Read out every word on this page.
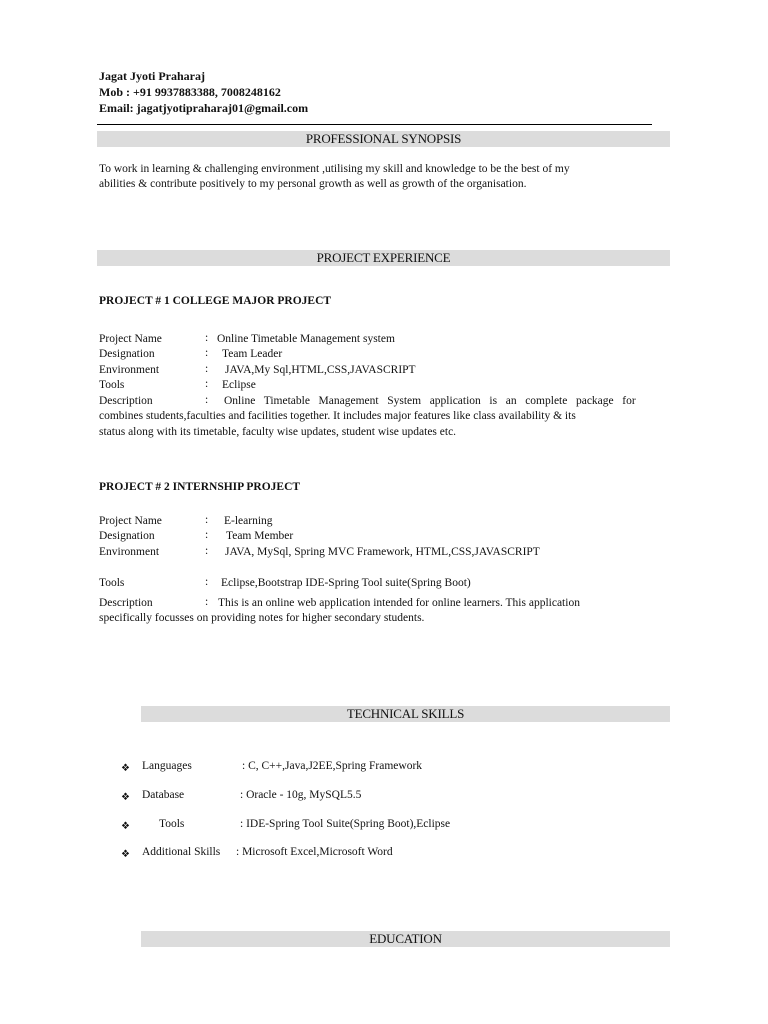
Jagat Jyoti Praharaj
Mob : +91 9937883388, 7008248162
Email: jagatjyotipraharaj01@gmail.com
PROFESSIONAL SYNOPSIS
To work in learning & challenging environment ,utilising my skill and knowledge to be the best of my
abilities & contribute positively to my personal growth as well as growth of the organisation.
PROJECT EXPERIENCE
PROJECT # 1 COLLEGE MAJOR PROJECT
Project Name	: Online Timetable Management system
Designation	: Team Leader
Environment	: JAVA,My Sql,HTML,CSS,JAVASCRIPT
Tools	: Eclipse
Description	: Online   Timetable   Management   System   application   is   an   complete   package   for
combines students,faculties and facilities together. It includes major features like class availability & its
status along with its timetable, faculty wise updates, student wise updates etc.
PROJECT # 2 INTERNSHIP PROJECT
Project Name	: E-learning
Designation	: Team Member
Environment	: JAVA, MySql, Spring MVC Framework, HTML,CSS,JAVASCRIPT
Tools	: Eclipse,Bootstrap IDE-Spring Tool suite(Spring Boot)
Description	: This is an online web application intended for online learners. This application
specifically focusses on providing notes for higher secondary students.
TECHNICAL SKILLS
❖ Languages	: C, C++,Java,J2EE,Spring Framework
❖ Database	: Oracle - 10g, MySQL5.5
❖	Tools	: IDE-Spring Tool Suite(Spring Boot),Eclipse
❖ Additional Skills : Microsoft Excel,Microsoft Word
EDUCATION
